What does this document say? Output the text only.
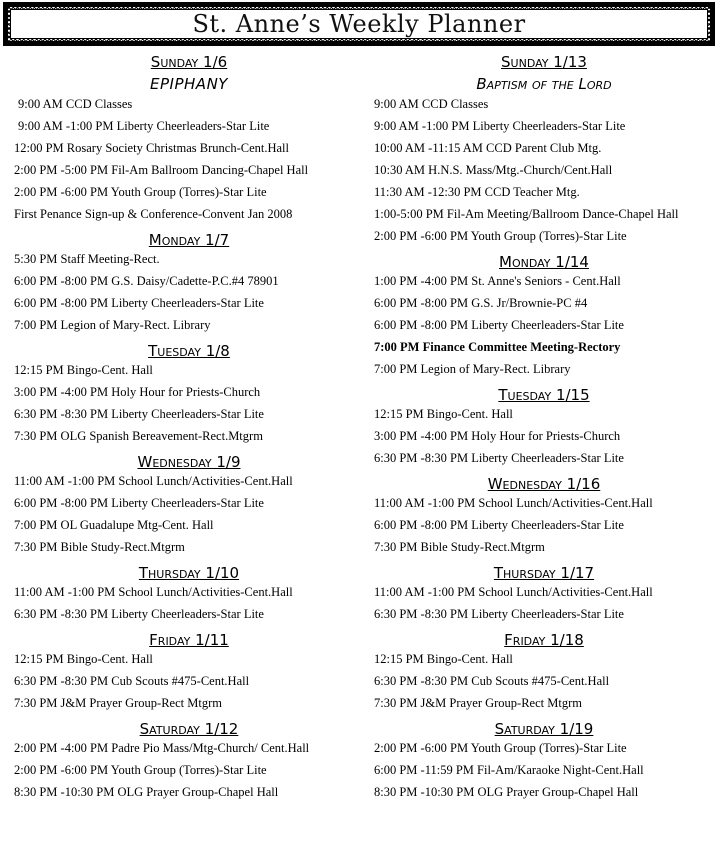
St. Anne’s Weekly Planner
Sunday 1/6
EPIPHANY
9:00 AM CCD Classes
9:00 AM -1:00 PM Liberty Cheerleaders-Star Lite
12:00 PM Rosary Society Christmas Brunch-Cent.Hall
2:00 PM -5:00 PM Fil-Am Ballroom Dancing-Chapel Hall
2:00 PM -6:00 PM Youth Group (Torres)-Star Lite
First Penance Sign-up & Conference-Convent Jan 2008
Monday 1/7
5:30 PM Staff Meeting-Rect.
6:00 PM -8:00 PM G.S. Daisy/Cadette-P.C.#4 78901
6:00 PM -8:00 PM Liberty Cheerleaders-Star Lite
7:00 PM Legion of Mary-Rect. Library
Tuesday 1/8
12:15 PM Bingo-Cent. Hall
3:00 PM -4:00 PM Holy Hour for Priests-Church
6:30 PM -8:30 PM Liberty Cheerleaders-Star Lite
7:30 PM OLG Spanish Bereavement-Rect.Mtgrm
Wednesday 1/9
11:00 AM -1:00 PM School Lunch/Activities-Cent.Hall
6:00 PM -8:00 PM Liberty Cheerleaders-Star Lite
7:00 PM OL Guadalupe Mtg-Cent. Hall
7:30 PM Bible Study-Rect.Mtgrm
Thursday 1/10
11:00 AM -1:00 PM School Lunch/Activities-Cent.Hall
6:30 PM -8:30 PM Liberty Cheerleaders-Star Lite
Friday 1/11
12:15 PM Bingo-Cent. Hall
6:30 PM -8:30 PM Cub Scouts #475-Cent.Hall
7:30 PM J&M Prayer Group-Rect Mtgrm
Saturday 1/12
2:00 PM -4:00 PM Padre Pio Mass/Mtg-Church/ Cent.Hall
2:00 PM -6:00 PM Youth Group (Torres)-Star Lite
8:30 PM -10:30 PM OLG Prayer Group-Chapel Hall
Sunday 1/13
Baptism of the Lord
9:00 AM CCD Classes
9:00 AM -1:00 PM Liberty Cheerleaders-Star Lite
10:00 AM -11:15 AM CCD Parent Club Mtg.
10:30 AM H.N.S. Mass/Mtg.-Church/Cent.Hall
11:30 AM -12:30 PM CCD Teacher Mtg.
1:00-5:00 PM Fil-Am Meeting/Ballroom Dance-Chapel Hall
2:00 PM -6:00 PM Youth Group (Torres)-Star Lite
Monday 1/14
1:00 PM -4:00 PM St. Anne's Seniors - Cent.Hall
6:00 PM -8:00 PM G.S. Jr/Brownie-PC #4
6:00 PM -8:00 PM Liberty Cheerleaders-Star Lite
7:00 PM Finance Committee Meeting-Rectory
7:00 PM Legion of Mary-Rect. Library
Tuesday 1/15
12:15 PM Bingo-Cent. Hall
3:00 PM -4:00 PM Holy Hour for Priests-Church
6:30 PM -8:30 PM Liberty Cheerleaders-Star Lite
Wednesday 1/16
11:00 AM -1:00 PM School Lunch/Activities-Cent.Hall
6:00 PM -8:00 PM Liberty Cheerleaders-Star Lite
7:30 PM Bible Study-Rect.Mtgrm
Thursday 1/17
11:00 AM -1:00 PM School Lunch/Activities-Cent.Hall
6:30 PM -8:30 PM Liberty Cheerleaders-Star Lite
Friday 1/18
12:15 PM Bingo-Cent. Hall
6:30 PM -8:30 PM Cub Scouts #475-Cent.Hall
7:30 PM J&M Prayer Group-Rect Mtgrm
Saturday 1/19
2:00 PM -6:00 PM Youth Group (Torres)-Star Lite
6:00 PM -11:59 PM Fil-Am/Karaoke Night-Cent.Hall
8:30 PM -10:30 PM OLG Prayer Group-Chapel Hall
